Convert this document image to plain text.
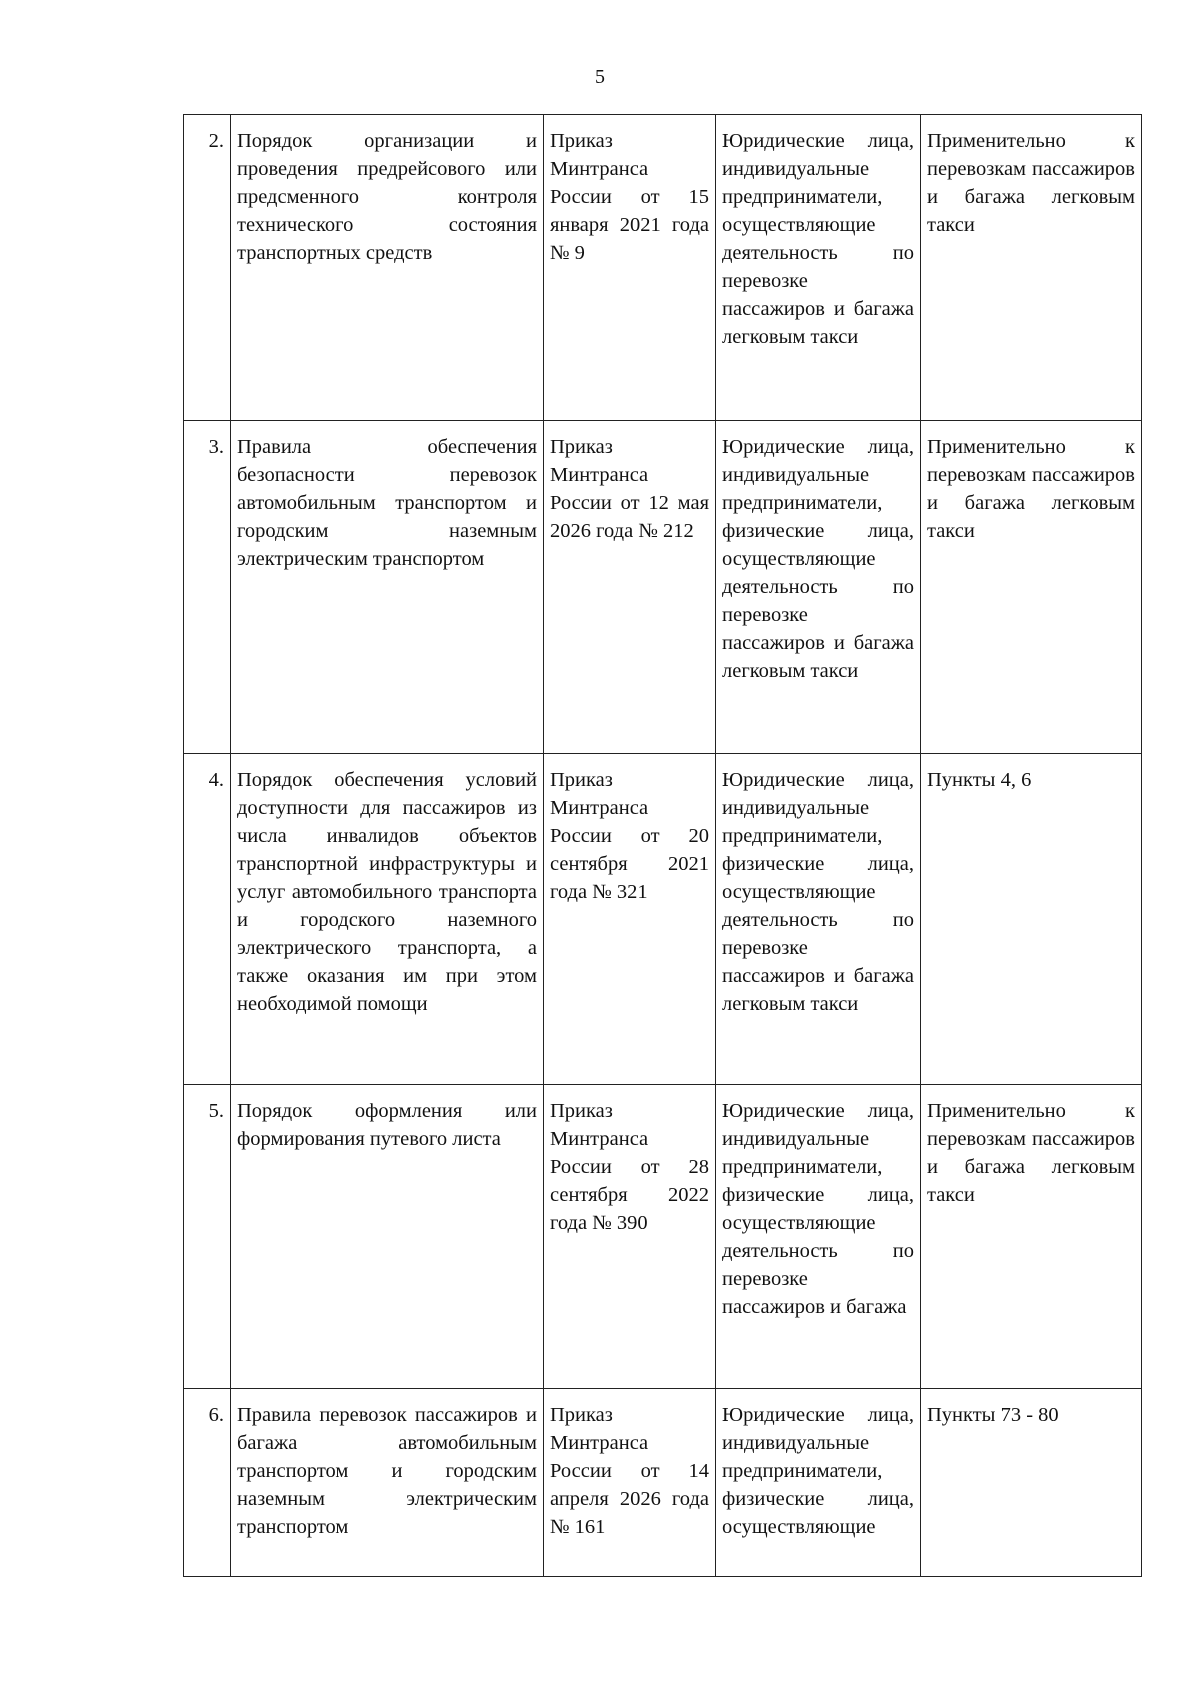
5
2.	Порядок организации и проведения предрейсового или предсменного контроля технического состояния транспортных средств	Приказ Минтранса России от 15 января 2021 года № 9	Юридические лица, индивидуальные предприниматели, осуществляющие деятельность по перевозке пассажиров и багажа легковым такси	Применительно к перевозкам пассажиров и багажа легковым такси
3.	Правила обеспечения безопасности перевозок автомобильным транспортом и городским наземным электрическим транспортом	Приказ Минтранса России от 12 мая 2026 года № 212	Юридические лица, индивидуальные предприниматели, физические лица, осуществляющие деятельность по перевозке пассажиров и багажа легковым такси	Применительно к перевозкам пассажиров и багажа легковым такси
4.	Порядок обеспечения условий доступности для пассажиров из числа инвалидов объектов транспортной инфраструктуры и услуг автомобильного транспорта и городского наземного электрического транспорта, а также оказания им при этом необходимой помощи	Приказ Минтранса России от 20 сентября 2021 года № 321	Юридические лица, индивидуальные предприниматели, физические лица, осуществляющие деятельность по перевозке пассажиров и багажа легковым такси	Пункты 4, 6
5.	Порядок оформления или формирования путевого листа	Приказ Минтранса России от 28 сентября 2022 года № 390	Юридические лица, индивидуальные предприниматели, физические лица, осуществляющие деятельность по перевозке пассажиров и багажа	Применительно к перевозкам пассажиров и багажа легковым такси
6.	Правила перевозок пассажиров и багажа автомобильным транспортом и городским наземным электрическим транспортом	Приказ Минтранса России от 14 апреля 2026 года № 161	Юридические лица, индивидуальные предприниматели, физические лица, осуществляющие	Пункты 73 - 80
